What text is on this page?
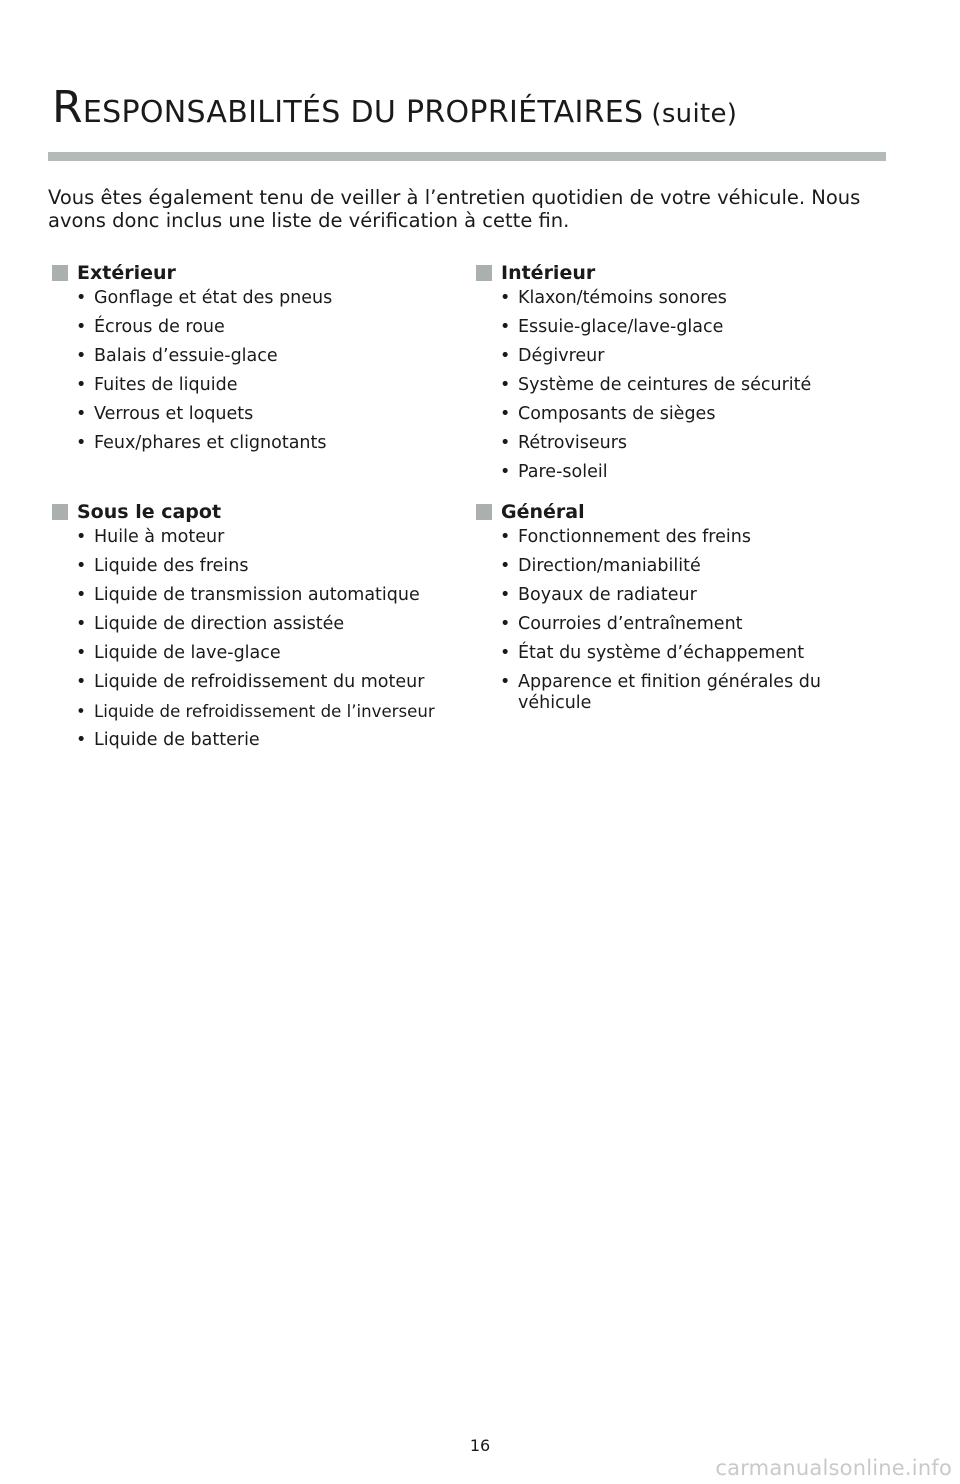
RESPONSABILITÉS DU PROPRIÉTAIRES (suite)

Vous êtes également tenu de veiller à l’entretien quotidien de votre véhicule. Nous avons donc inclus une liste de vérification à cette fin.

Extérieur
• Gonflage et état des pneus
• Écrous de roue
• Balais d’essuie-glace
• Fuites de liquide
• Verrous et loquets
• Feux/phares et clignotants
Intérieur
• Klaxon/témoins sonores
• Essuie-glace/lave-glace
• Dégivreur
• Système de ceintures de sécurité
• Composants de sièges
• Rétroviseurs
• Pare-soleil
Sous le capot
• Huile à moteur
• Liquide des freins
• Liquide de transmission automatique
• Liquide de direction assistée
• Liquide de lave-glace
• Liquide de refroidissement du moteur
• Liquide de refroidissement de l’inverseur
• Liquide de batterie
Général
• Fonctionnement des freins
• Direction/maniabilité
• Boyaux de radiateur
• Courroies d’entraînement
• État du système d’échappement
• Apparence et finition générales du véhicule
16
carmanualsonline.info
